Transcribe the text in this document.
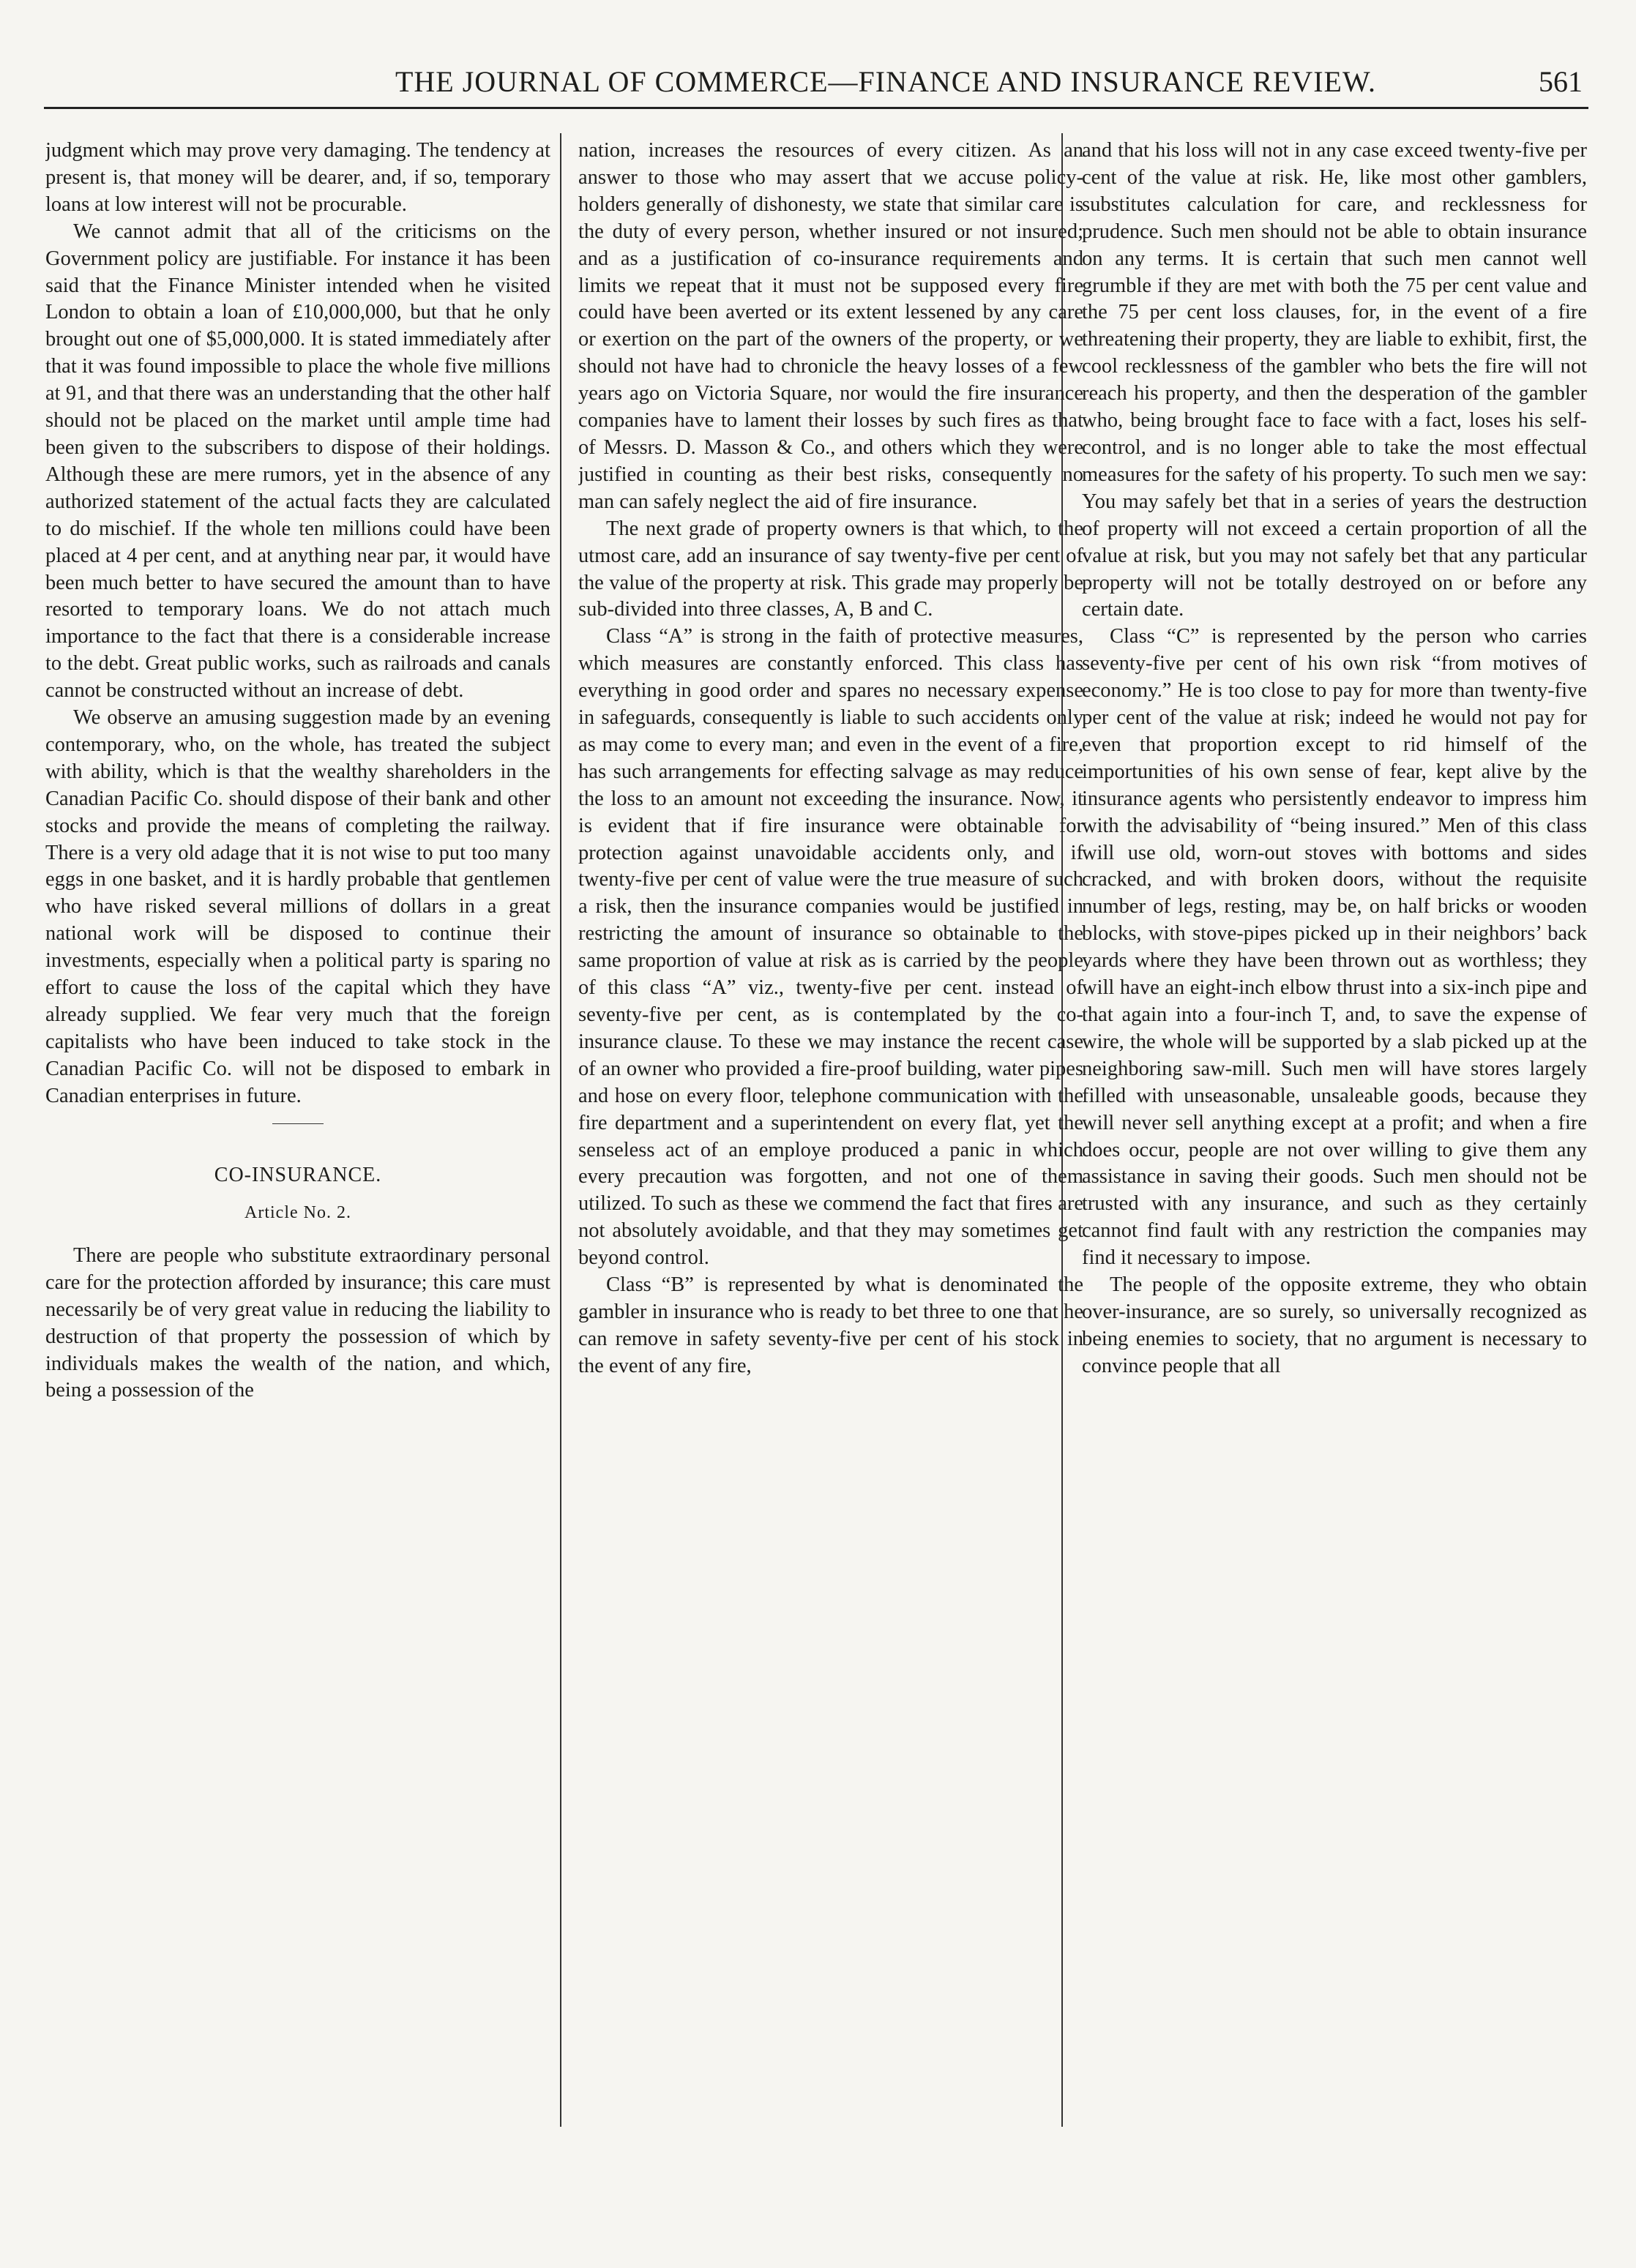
THE JOURNAL OF COMMERCE—FINANCE AND INSURANCE REVIEW.	561

judgment which may prove very damaging. The tendency at present is, that money will be dearer, and, if so, temporary loans at low interest will not be procurable.

We cannot admit that all of the criticisms on the Government policy are justifiable. For instance it has been said that the Finance Minister intended when he visited London to obtain a loan of £10,000,000, but that he only brought out one of $5,000,000. It is stated immediately after that it was found impossible to place the whole five millions at 91, and that there was an understanding that the other half should not be placed on the market until ample time had been given to the subscribers to dispose of their holdings. Although these are mere rumors, yet in the absence of any authorized statement of the actual facts they are calculated to do mischief. If the whole ten millions could have been placed at 4 per cent, and at anything near par, it would have been much better to have secured the amount than to have resorted to temporary loans. We do not attach much importance to the fact that there is a considerable increase to the debt. Great public works, such as railroads and canals cannot be constructed without an increase of debt.

We observe an amusing suggestion made by an evening contemporary, who, on the whole, has treated the subject with ability, which is that the wealthy shareholders in the Canadian Pacific Co. should dispose of their bank and other stocks and provide the means of completing the railway. There is a very old adage that it is not wise to put too many eggs in one basket, and it is hardly probable that gentlemen who have risked several millions of dollars in a great national work will be disposed to continue their investments, especially when a political party is sparing no effort to cause the loss of the capital which they have already supplied. We fear very much that the foreign capitalists who have been induced to take stock in the Canadian Pacific Co. will not be disposed to embark in Canadian enterprises in future.

CO-INSURANCE.
Article No. 2.

There are people who substitute extraordinary personal care for the protection afforded by insurance; this care must necessarily be of very great value in reducing the liability to destruction of that property the possession of which by individuals makes the wealth of the nation, and which, being a possession of the

nation, increases the resources of every citizen. As an answer to those who may assert that we accuse policy-holders generally of dishonesty, we state that similar care is the duty of every person, whether insured or not insured; and as a justification of co-insurance requirements and limits we repeat that it must not be supposed every fire could have been averted or its extent lessened by any care or exertion on the part of the owners of the property, or we should not have had to chronicle the heavy losses of a few years ago on Victoria Square, nor would the fire insurance companies have to lament their losses by such fires as that of Messrs. D. Masson & Co., and others which they were justified in counting as their best risks, consequently no man can safely neglect the aid of fire insurance.

The next grade of property owners is that which, to the utmost care, add an insurance of say twenty-five per cent of the value of the property at risk. This grade may properly be sub-divided into three classes, A, B and C.

Class “A” is strong in the faith of protective measures, which measures are constantly enforced. This class has everything in good order and spares no necessary expense in safeguards, consequently is liable to such accidents only as may come to every man; and even in the event of a fire, has such arrangements for effecting salvage as may reduce the loss to an amount not exceeding the insurance. Now, it is evident that if fire insurance were obtainable for protection against unavoidable accidents only, and if twenty-five per cent of value were the true measure of such a risk, then the insurance companies would be justified in restricting the amount of insurance so obtainable to the same proportion of value at risk as is carried by the people of this class “A” viz., twenty-five per cent. instead of seventy-five per cent, as is contemplated by the co-insurance clause. To these we may instance the recent case of an owner who provided a fire-proof building, water pipes and hose on every floor, telephone communication with the fire department and a superintendent on every flat, yet the senseless act of an employe produced a panic in which every precaution was forgotten, and not one of them utilized. To such as these we commend the fact that fires are not absolutely avoidable, and that they may sometimes get beyond control.

Class “B” is represented by what is denominated the gambler in insurance who is ready to bet three to one that he can remove in safety seventy-five per cent of his stock in the event of any fire,

and that his loss will not in any case exceed twenty-five per cent of the value at risk. He, like most other gamblers, substitutes calculation for care, and recklessness for prudence. Such men should not be able to obtain insurance on any terms. It is certain that such men cannot well grumble if they are met with both the 75 per cent value and the 75 per cent loss clauses, for, in the event of a fire threatening their property, they are liable to exhibit, first, the cool recklessness of the gambler who bets the fire will not reach his property, and then the desperation of the gambler who, being brought face to face with a fact, loses his self-control, and is no longer able to take the most effectual measures for the safety of his property. To such men we say: You may safely bet that in a series of years the destruction of property will not exceed a certain proportion of all the value at risk, but you may not safely bet that any particular property will not be totally destroyed on or before any certain date.

Class “C” is represented by the person who carries seventy-five per cent of his own risk “from motives of economy.” He is too close to pay for more than twenty-five per cent of the value at risk; indeed he would not pay for even that proportion except to rid himself of the importunities of his own sense of fear, kept alive by the insurance agents who persistently endeavor to impress him with the advisability of “being insured.” Men of this class will use old, worn-out stoves with bottoms and sides cracked, and with broken doors, without the requisite number of legs, resting, may be, on half bricks or wooden blocks, with stove-pipes picked up in their neighbors’ back yards where they have been thrown out as worthless; they will have an eight-inch elbow thrust into a six-inch pipe and that again into a four-inch T, and, to save the expense of wire, the whole will be supported by a slab picked up at the neighboring saw-mill. Such men will have stores largely filled with unseasonable, unsaleable goods, because they will never sell anything except at a profit; and when a fire does occur, people are not over willing to give them any assistance in saving their goods. Such men should not be trusted with any insurance, and such as they certainly cannot find fault with any restriction the companies may find it necessary to impose.

The people of the opposite extreme, they who obtain over-insurance, are so surely, so universally recognized as being enemies to society, that no argument is necessary to convince people that all
